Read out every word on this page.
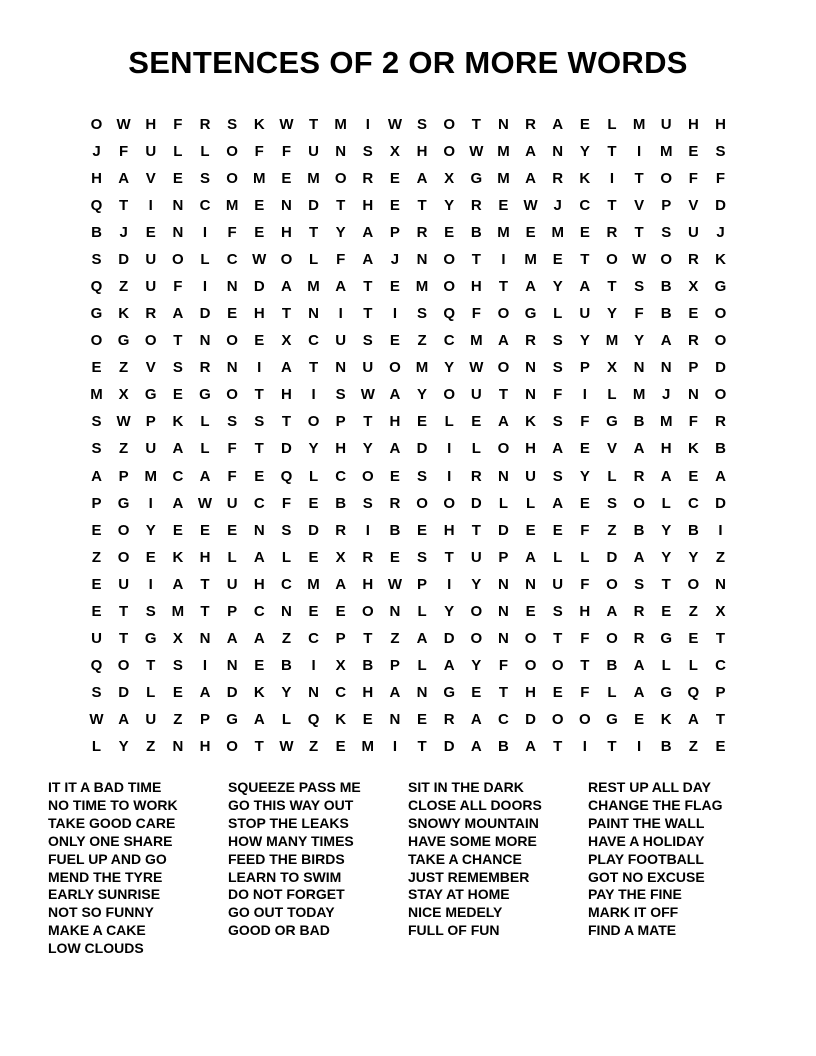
SENTENCES OF 2 OR MORE WORDS
O W H	F	R	S	K W	T	M	I	W	S	O	T	N	R	A	E	L	M	U	H	H
J	F	U	L	L	O	F	F	U	N	S	X	H	O W M	A	N	Y	T	I	M	E	S
H	A	V	E	S	O M	E	M O	R	E	A	X	G M	A	R	K	I	T	O	F	F
Q	T	I	N	C	M	E	N	D	T	H	E	T	Y	R	E	W	J	C	T	V	P	V	D
B	J	E	N	I	F	E	H	T	Y	A	P	R	E	B	M	E	M	E	R	T	S	U	J
S	D	U	O	L	C W O	L	F	A	J	N	O	T	I	M	E	T	O W O	R	K
Q	Z	U	F	I	N	D	A	M	A	T	E	M O	H	T	A	Y	A	T	S	B	X	G
G	K	R	A	D	E	H	T	N	I	T	I	S	Q	F	O G	L	U	Y	F	B	E	O
O G O	T	N	O	E	X	C	U	S	E	Z	C	M	A	R	S	Y	M	Y	A	R	O
E	Z	V	S	R	N	I	A	T	N	U	O M	Y	W O	N	S	P	X	N	N	P	D
M	X	G	E	G O	T	H	I	S	W A	Y	O	U	T	N	F	I	L	M	J	N	O
S	W	P	K	L	S	S	T	O	P	T	H	E	L	E	A	K	S	F	G	B	M	F	R
S	Z	U	A	L	F	T	D	Y	H	Y	A	D	I	L	O	H	A	E	V	A	H	K	B
A	P	M	C	A	F	E	Q	L	C	O	E	S	I	R	N	U	S	Y	L	R	A	E	A
P	G	I	A W U	C	F	E	B	S	R	O O	D	L	L	A	E	S	O	L	C	D
E	O	Y	E	E	E	N	S	D	R	I	B	E	H	T	D	E	E	F	Z	B	Y	B	I
Z	O	E	K	H	L	A	L	E	X	R	E	S	T	U	P	A	L	L	D	A	Y	Y	Z
E	U	I	A	T	U	H	C	M	A	H W	P	I	Y	N	N	U	F	O	S	T	O	N
E	T	S	M	T	P	C	N	E	E	O	N	L	Y	O	N	E	S	H	A	R	E	Z	X
U	T	G	X	N	A	A	Z	C	P	T	Z	A	D	O	N	O	T	F	O	R	G	E	T
Q O	T	S	I	N	E	B	I	X	B	P	L	A	Y	F	O O	T	B	A	L	L	C
S	D	L	E	A	D	K	Y	N	C	H	A	N	G	E	T	H	E	F	L	A	G Q	P
W A	U	Z	P	G	A	L	Q	K	E	N	E	R	A	C	D	O O G	E	K	A	T
L	Y	Z	N	H	O	T	W	Z	E	M	I	T	D	A	B	A	T	I	T	I	B	Z	E
IT IT A BAD TIME
NO TIME TO WORK
TAKE GOOD CARE
ONLY ONE SHARE
FUEL UP AND GO
MEND THE TYRE
EARLY SUNRISE
NOT SO FUNNY
MAKE A CAKE
LOW CLOUDS
SQUEEZE PASS ME
GO THIS WAY OUT
STOP THE LEAKS
HOW MANY TIMES
FEED THE BIRDS
LEARN TO SWIM
DO NOT FORGET
GO OUT TODAY
GOOD OR BAD
SIT IN THE DARK
CLOSE ALL DOORS
SNOWY MOUNTAIN
HAVE SOME MORE
TAKE A CHANCE
JUST REMEMBER
STAY AT HOME
NICE MEDELY
FULL OF FUN
REST UP ALL DAY
CHANGE THE FLAG
PAINT THE WALL
HAVE A HOLIDAY
PLAY FOOTBALL
GOT NO EXCUSE
PAY THE FINE
MARK IT OFF
FIND A MATE
